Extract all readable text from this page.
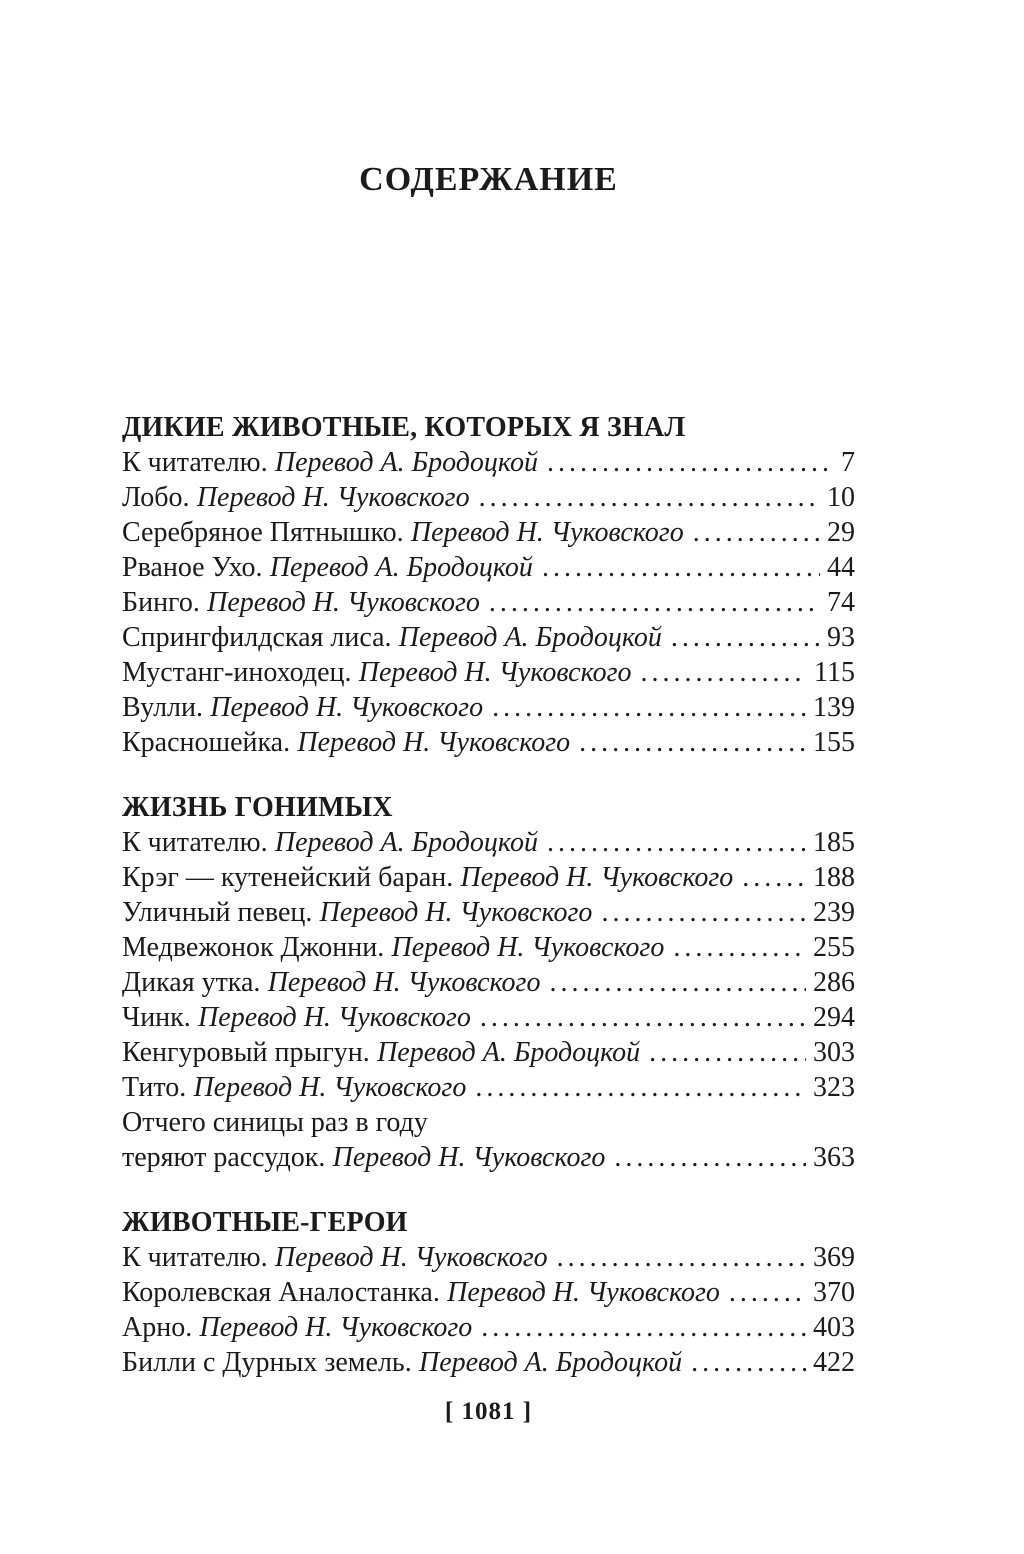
СОДЕРЖАНИЕ
ДИКИЕ ЖИВОТНЫЕ, КОТОРЫХ Я ЗНАЛ
К читателю. Перевод А. Бродоцкой .....	7
Лобо. Перевод Н. Чуковского .....	10
Серебряное Пятнышко. Перевод Н. Чуковского .....	29
Рваное Ухо. Перевод А. Бродоцкой .....	44
Бинго. Перевод Н. Чуковского .....	74
Спрингфилдская лиса. Перевод А. Бродоцкой .....	93
Мустанг-иноходец. Перевод Н. Чуковского .....	115
Вулли. Перевод Н. Чуковского .....	139
Красношейка. Перевод Н. Чуковского .....	155
ЖИЗНЬ ГОНИМЫХ
К читателю. Перевод А. Бродоцкой .....	185
Крэг — кутенейский баран. Перевод Н. Чуковского .....	188
Уличный певец. Перевод Н. Чуковского .....	239
Медвежонок Джонни. Перевод Н. Чуковского .....	255
Дикая утка. Перевод Н. Чуковского .....	286
Чинк. Перевод Н. Чуковского .....	294
Кенгуровый прыгун. Перевод А. Бродоцкой .....	303
Тито. Перевод Н. Чуковского .....	323
Отчего синицы раз в году
теряют рассудок. Перевод Н. Чуковского .....	363
ЖИВОТНЫЕ-ГЕРОИ
К читателю. Перевод Н. Чуковского .....	369
Королевская Аналостанка. Перевод Н. Чуковского .....	370
Арно. Перевод Н. Чуковского .....	403
Билли с Дурных земель. Перевод А. Бродоцкой .....	422
[ 1081 ]
